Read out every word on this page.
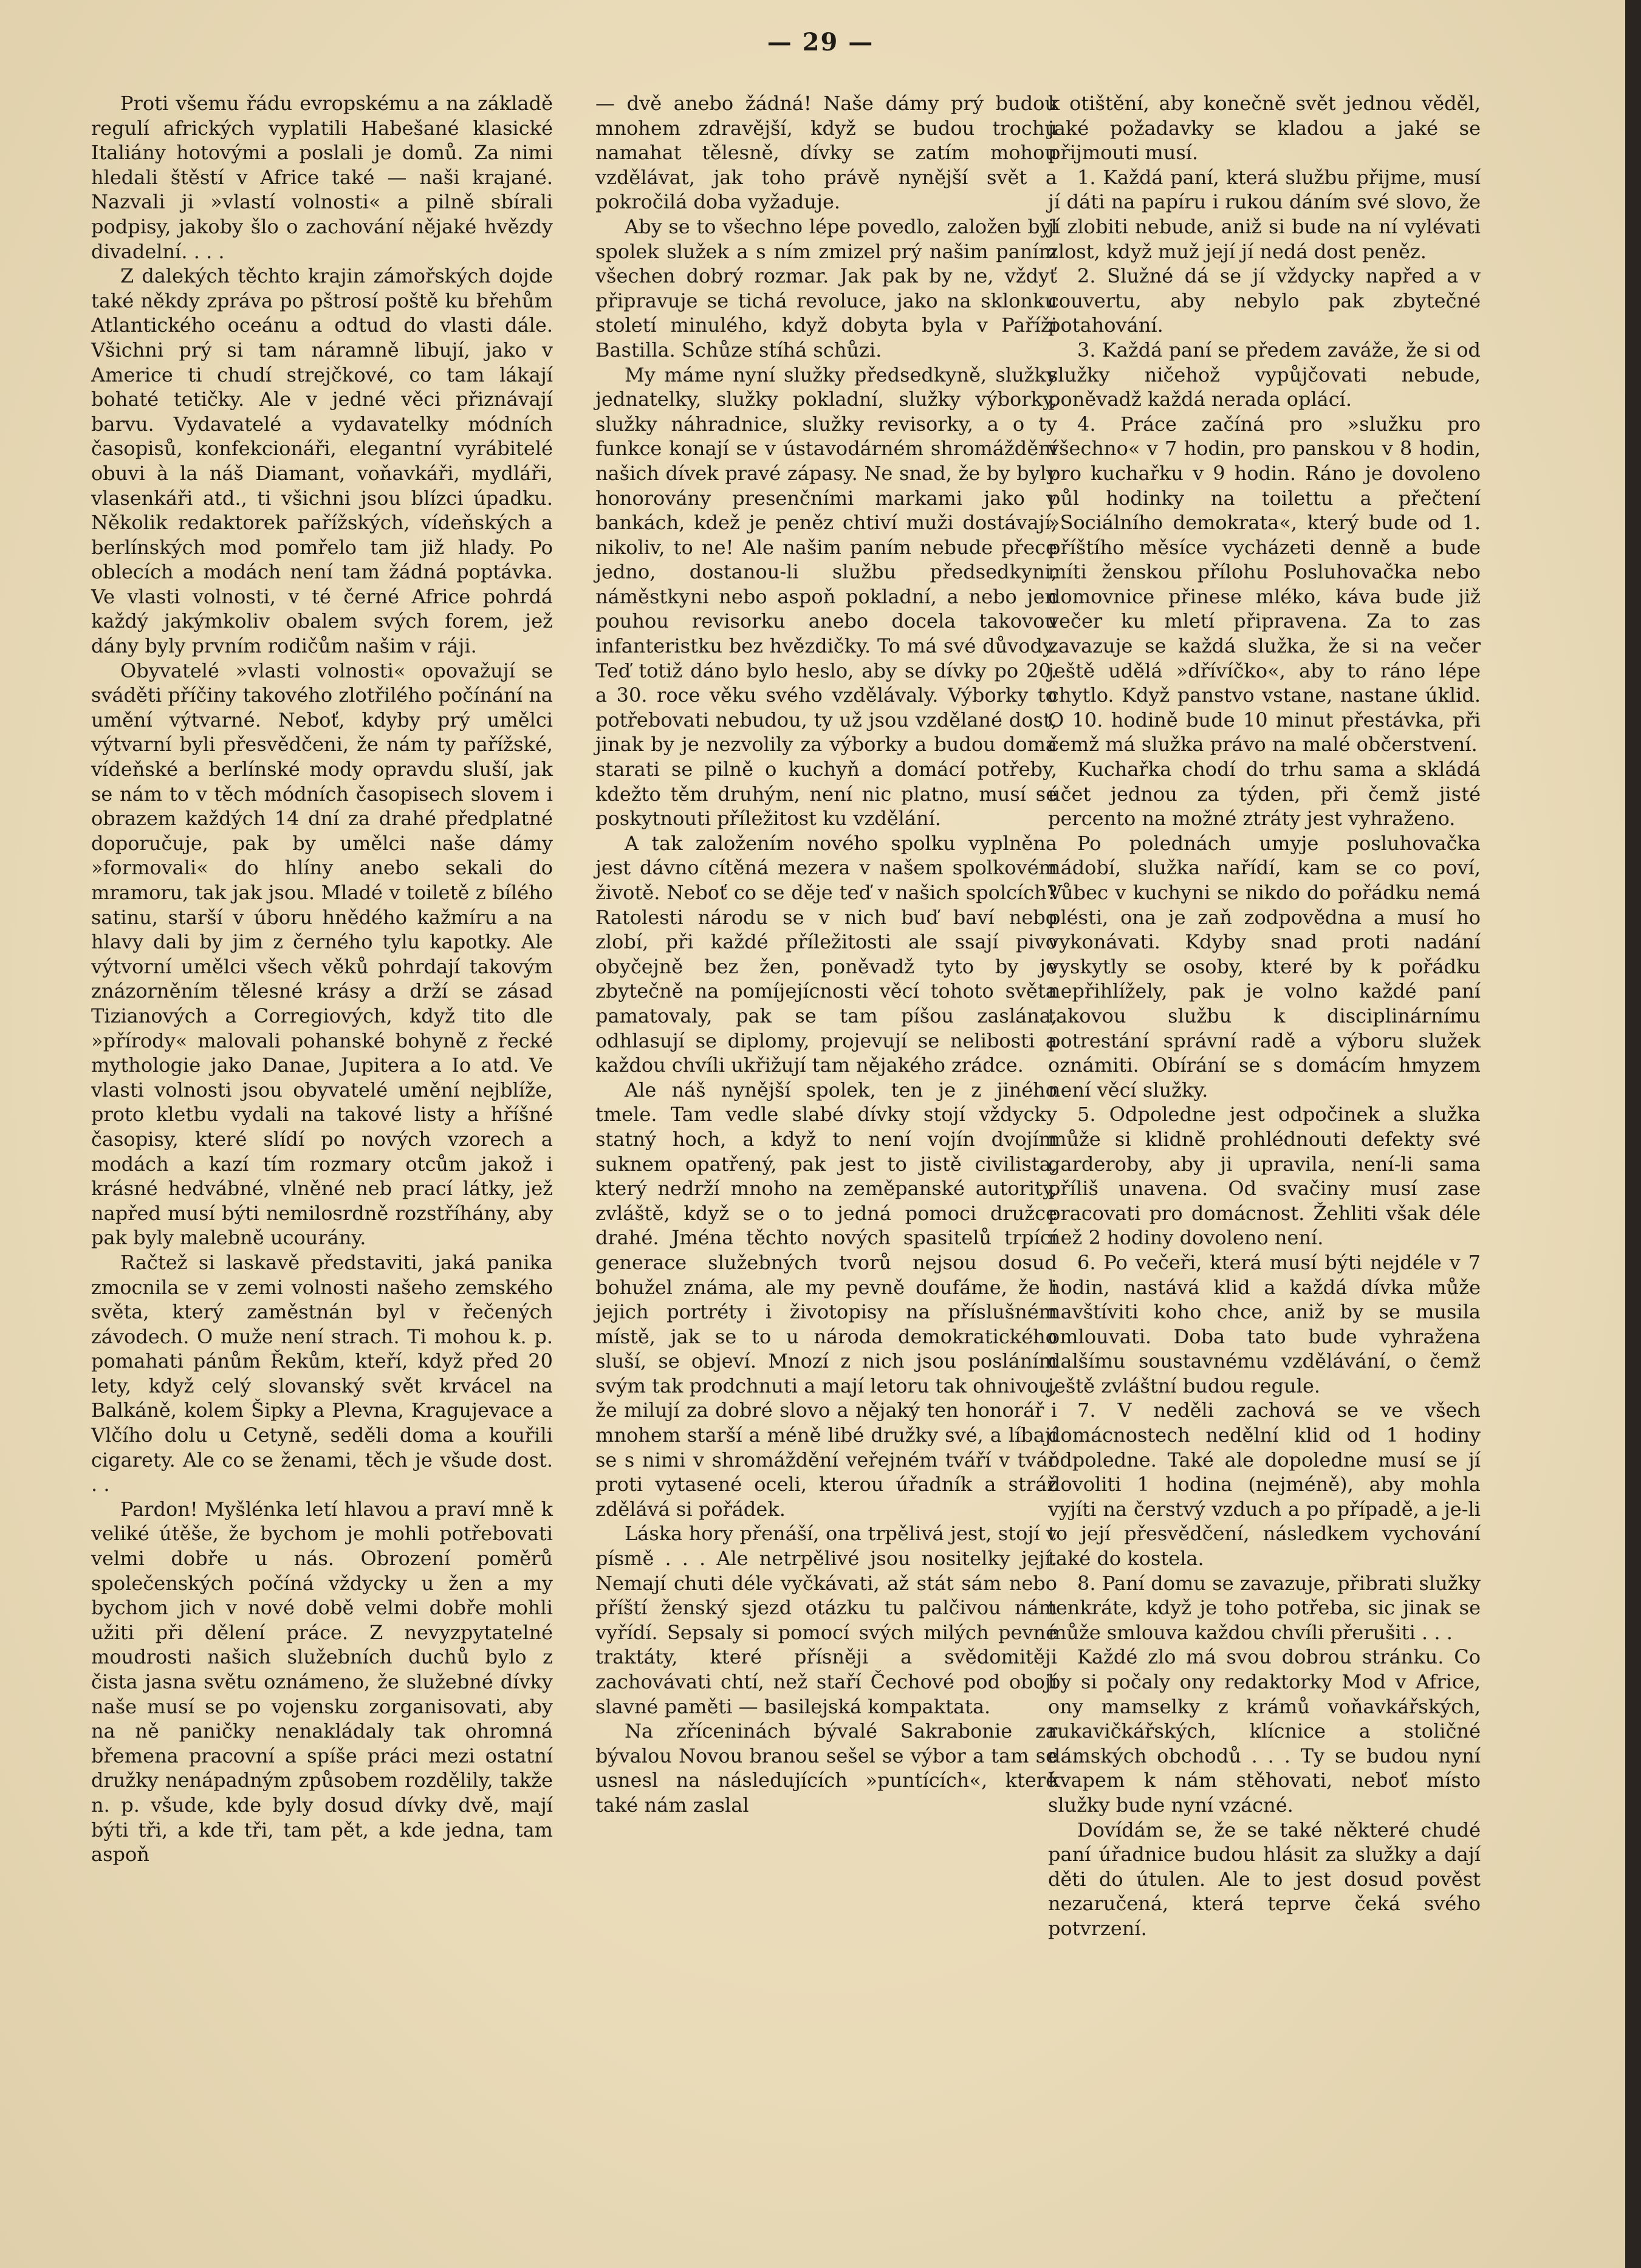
— 29 —

Proti všemu řádu evropskému a na základě regulí afrických vyplatili Habešané klasické Italiány hotovými a poslali je domů. Za nimi hledali štěstí v Africe také — naši krajané. Nazvali ji »vlastí volnosti« a pilně sbírali podpisy, jakoby šlo o zachování nějaké hvězdy divadelní. . . .

Z dalekých těchto krajin zámořských dojde také někdy zpráva po pštrosí poště ku břehům Atlantického oceánu a odtud do vlasti dále. Všichni prý si tam náramně libují, jako v Americe ti chudí strejčkové, co tam lákají bohaté tetičky. Ale v jedné věci přiznávají barvu. Vydavatelé a vydavatelky módních časopisů, konfekcionáři, elegantní vyrábitelé obuvi à la náš Diamant, voňavkáři, mydláři, vlasenkáři atd., ti všichni jsou blízci úpadku. Několik redaktorek pařížských, vídeňských a berlínských mod pomřelo tam již hlady. Po oblecích a modách není tam žádná poptávka. Ve vlasti volnosti, v té černé Africe pohrdá každý jakýmkoliv obalem svých forem, jež dány byly prvním rodičům našim v ráji.

Obyvatelé »vlasti volnosti« opovažují se sváděti příčiny takového zlotřilého počínání na umění výtvarné. Neboť, kdyby prý umělci výtvarní byli přesvědčeni, že nám ty pařížské, vídeňské a berlínské mody opravdu sluší, jak se nám to v těch módních časopisech slovem i obrazem každých 14 dní za drahé předplatné doporučuje, pak by umělci naše dámy »formovali« do hlíny anebo sekali do mramoru, tak jak jsou. Mladé v toiletě z bílého satinu, starší v úboru hnědého kažmíru a na hlavy dali by jim z černého tylu kapotky. Ale výtvorní umělci všech věků pohrdají takovým znázorněním tělesné krásy a drží se zásad Tizianových a Corregiových, když tito dle »přírody« malovali pohanské bohyně z řecké mythologie jako Danae, Jupitera a Io atd. Ve vlasti volnosti jsou obyvatelé umění nejblíže, proto kletbu vydali na takové listy a hříšné časopisy, které slídí po nových vzorech a modách a kazí tím rozmary otcům jakož i krásné hedvábné, vlněné neb prací látky, jež napřed musí býti nemilosrdně rozstříhány, aby pak byly malebně ucourány.

Račtež si laskavě představiti, jaká panika zmocnila se v zemi volnosti našeho zemského světa, který zaměstnán byl v řečených závodech. O muže není strach. Ti mohou k. p. pomahati pánům Řekům, kteří, když před 20 lety, když celý slovanský svět krvácel na Balkáně, kolem Šipky a Plevna, Kragujevace a Vlčího dolu u Cetyně, seděli doma a kouřili cigarety. Ale co se ženami, těch je všude dost. . .

Pardon! Myšlénka letí hlavou a praví mně k veliké útěše, že bychom je mohli potřebovati velmi dobře u nás. Obrození poměrů společenských počíná vždycky u žen a my bychom jich v nové době velmi dobře mohli užiti při dělení práce. Z nevyzpytatelné moudrosti našich služebních duchů bylo z čista jasna světu oznámeno, že služebné dívky naše musí se po vojensku zorganisovati, aby na ně paničky nenakládaly tak ohromná břemena pracovní a spíše práci mezi ostatní družky nenápadným způsobem rozdělily, takže n. p. všude, kde byly dosud dívky dvě, mají býti tři, a kde tři, tam pět, a kde jedna, tam aspoň

— dvě anebo žádná! Naše dámy prý budou mnohem zdravější, když se budou trochu namahat tělesně, dívky se zatím mohou vzdělávat, jak toho právě nynější svět a pokročilá doba vyžaduje.

Aby se to všechno lépe povedlo, založen byl spolek služek a s ním zmizel prý našim paním všechen dobrý rozmar. Jak pak by ne, vždyť připravuje se tichá revoluce, jako na sklonku století minulého, když dobyta byla v Paříži Bastilla. Schůze stíhá schůzi.

My máme nyní služky předsedkyně, služky jednatelky, služky pokladní, služky výborky, služky náhradnice, služky revisorky, a o ty funkce konají se v ústavodárném shromáždění našich dívek pravé zápasy. Ne snad, že by byly honorovány presenčními markami jako v bankách, kdež je peněz chtiví muži dostávají, nikoliv, to ne! Ale našim paním nebude přece jedno, dostanou-li službu předsedkyni, náměstkyni nebo aspoň pokladní, a nebo jen pouhou revisorku anebo docela takovou infanteristku bez hvězdičky. To má své důvody. Teď totiž dáno bylo heslo, aby se dívky po 20. a 30. roce věku svého vzdělávaly. Výborky to potřebovati nebudou, ty už jsou vzdělané dost, jinak by je nezvolily za výborky a budou doma starati se pilně o kuchyň a domácí potřeby, kdežto těm druhým, není nic platno, musí se poskytnouti příležitost ku vzdělání.

A tak založením nového spolku vyplněna jest dávno cítěná mezera v našem spolkovém životě. Neboť co se děje teď v našich spolcích? Ratolesti národu se v nich buď baví nebo zlobí, při každé příležitosti ale ssají pivo obyčejně bez žen, poněvadž tyto by je zbytečně na pomíjejícnosti věcí tohoto světa pamatovaly, pak se tam píšou zaslána, odhlasují se diplomy, projevují se nelibosti a každou chvíli ukřižují tam nějakého zrádce.

Ale náš nynější spolek, ten je z jiného tmele. Tam vedle slabé dívky stojí vždycky statný hoch, a když to není vojín dvojím suknem opatřený, pak jest to jistě civilista, který nedrží mnoho na zeměpanské autority, zvláště, když se o to jedná pomoci družce drahé. Jména těchto nových spasitelů trpící generace služebných tvorů nejsou dosud bohužel známa, ale my pevně doufáme, že i jejich portréty i životopisy na příslušném místě, jak se to u národa demokratického sluší, se objeví. Mnozí z nich jsou posláním svým tak prodchnuti a mají letoru tak ohnivou, že milují za dobré slovo a nějaký ten honorář i mnohem starší a méně libé družky své, a líbají se s nimi v shromáždění veřejném tváří v tvář proti vytasené oceli, kterou úřadník a stráž zdělává si pořádek.

Láska hory přenáší, ona trpělivá jest, stojí v písmě . . . Ale netrpělivé jsou nositelky její. Nemají chuti déle vyčkávati, až stát sám nebo příští ženský sjezd otázku tu palčivou nám vyřídí. Sepsaly si pomocí svých milých pevné traktáty, které přísněji a svědomitěji zachovávati chtí, než staří Čechové pod obojí slavné paměti — basilejská kompaktata.

Na zříceninách bývalé Sakrabonie za bývalou Novou branou sešel se výbor a tam se usnesl na následujících »puntících«, které také nám zaslal

k otištění, aby konečně svět jednou věděl, jaké požadavky se kladou a jaké se přijmouti musí.

1. Každá paní, která službu přijme, musí jí dáti na papíru i rukou dáním své slovo, že jí zlobiti nebude, aniž si bude na ní vylévati zlost, když muž její jí nedá dost peněz.

2. Služné dá se jí vždycky napřed a v couvertu, aby nebylo pak zbytečné potahování.

3. Každá paní se předem zaváže, že si od služky ničehož vypůjčovati nebude, poněvadž každá nerada oplácí.

4. Práce začíná pro »služku pro všechno« v 7 hodin, pro panskou v 8 hodin, pro kuchařku v 9 hodin. Ráno je dovoleno půl hodinky na toilettu a přečtení »Sociálního demokrata«, který bude od 1. příštího měsíce vycházeti denně a bude míti ženskou přílohu Posluhovačka nebo domovnice přinese mléko, káva bude již večer ku mletí připravena. Za to zas zavazuje se každá služka, že si na večer ještě udělá »dřívíčko«, aby to ráno lépe chytlo. Když panstvo vstane, nastane úklid. O 10. hodině bude 10 minut přestávka, při čemž má služka právo na malé občerstvení.

Kuchařka chodí do trhu sama a skládá účet jednou za týden, při čemž jisté percento na možné ztráty jest vyhraženo.

Po polednách umyje posluhovačka nádobí, služka nařídí, kam se co poví, Vůbec v kuchyni se nikdo do pořádku nemá plésti, ona je zaň zodpovědna a musí ho vykonávati. Kdyby snad proti nadání vyskytly se osoby, které by k pořádku nepřihlížely, pak je volno každé paní takovou službu k disciplinárnímu potrestání správní radě a výboru služek oznámiti. Obírání se s domácím hmyzem není věcí služky.

5. Odpoledne jest odpočinek a služka může si klidně prohlédnouti defekty své garderoby, aby ji upravila, není-li sama příliš unavena. Od svačiny musí zase pracovati pro domácnost. Žehliti však déle než 2 hodiny dovoleno není.

6. Po večeři, která musí býti nejdéle v 7 hodin, nastává klid a každá dívka může navštíviti koho chce, aniž by se musila omlouvati. Doba tato bude vyhražena dalšímu soustavnému vzdělávání, o čemž ještě zvláštní budou regule.

7. V neděli zachová se ve všech domácnostech nedělní klid od 1 hodiny odpoledne. Také ale dopoledne musí se jí dovoliti 1 hodina (nejméně), aby mohla vyjíti na čerstvý vzduch a po případě, a je-li to její přesvědčení, následkem vychování také do kostela.

8. Paní domu se zavazuje, přibrati služky tenkráte, když je toho potřeba, sic jinak se může smlouva každou chvíli přerušiti . . .

Každé zlo má svou dobrou stránku. Co by si počaly ony redaktorky Mod v Africe, ony mamselky z krámů voňavkářských, rukavičkářských, klícnice a stoličné dámských obchodů . . . Ty se budou nyní kvapem k nám stěhovati, neboť místo služky bude nyní vzácné.

Dovídám se, že se také některé chudé paní úřadnice budou hlásit za služky a dají děti do útulen. Ale to jest dosud pověst nezaručená, která teprve čeká svého potvrzení.
